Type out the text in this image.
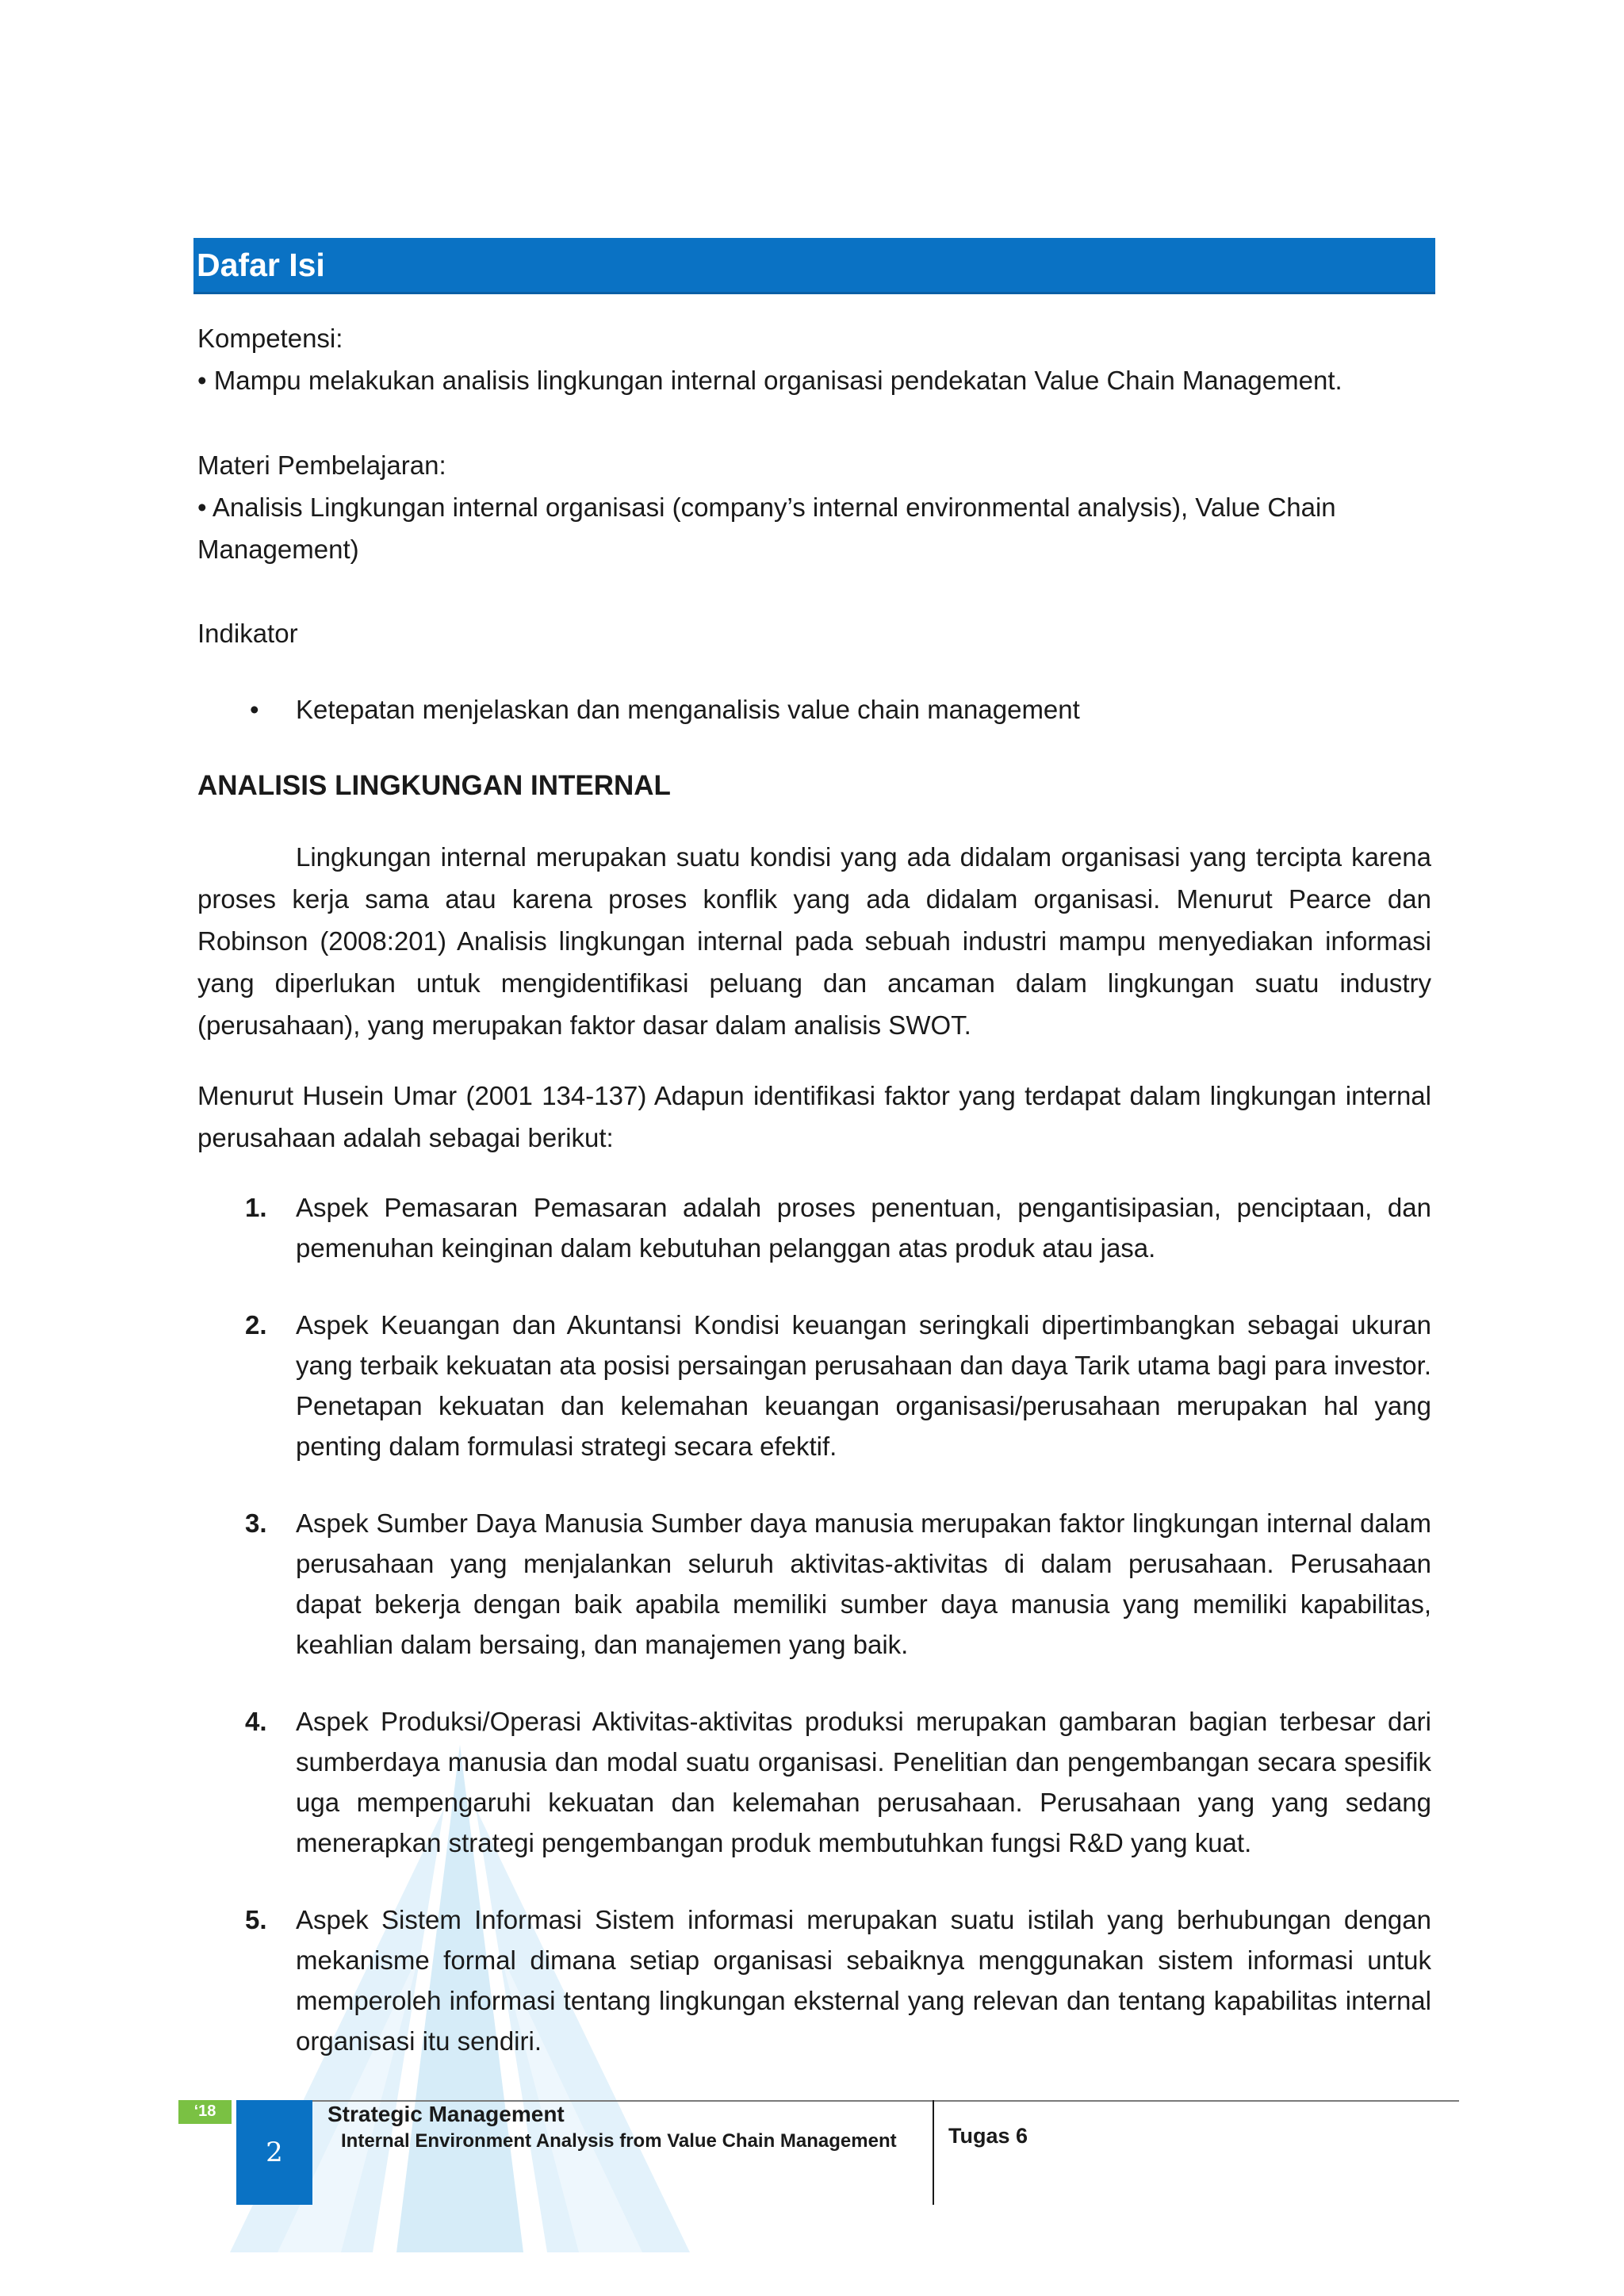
Dafar Isi
Kompetensi:
• Mampu melakukan analisis lingkungan internal organisasi pendekatan Value Chain Management.
Materi Pembelajaran:
• Analisis Lingkungan internal organisasi (company’s internal environmental analysis), Value Chain Management)
Indikator
• Ketepatan menjelaskan dan menganalisis value chain management
ANALISIS LINGKUNGAN INTERNAL
Lingkungan internal merupakan suatu kondisi yang ada didalam organisasi yang tercipta karena proses kerja sama atau karena proses konflik yang ada didalam organisasi. Menurut Pearce dan Robinson (2008:201) Analisis lingkungan internal pada sebuah industri mampu menyediakan informasi yang diperlukan untuk mengidentifikasi peluang dan ancaman dalam lingkungan suatu industry (perusahaan), yang merupakan faktor dasar dalam analisis SWOT.
Menurut Husein Umar (2001 134-137) Adapun identifikasi faktor yang terdapat dalam lingkungan internal perusahaan adalah sebagai berikut:
1. Aspek Pemasaran Pemasaran adalah proses penentuan, pengantisipasian, penciptaan, dan pemenuhan keinginan dalam kebutuhan pelanggan atas produk atau jasa.
2. Aspek Keuangan dan Akuntansi Kondisi keuangan seringkali dipertimbangkan sebagai ukuran yang terbaik kekuatan ata posisi persaingan perusahaan dan daya Tarik utama bagi para investor. Penetapan kekuatan dan kelemahan keuangan organisasi/perusahaan merupakan hal yang penting dalam formulasi strategi secara efektif.
3. Aspek Sumber Daya Manusia Sumber daya manusia merupakan faktor lingkungan internal dalam perusahaan yang menjalankan seluruh aktivitas-aktivitas di dalam perusahaan. Perusahaan dapat bekerja dengan baik apabila memiliki sumber daya manusia yang memiliki kapabilitas, keahlian dalam bersaing, dan manajemen yang baik.
4. Aspek Produksi/Operasi Aktivitas-aktivitas produksi merupakan gambaran bagian terbesar dari sumberdaya manusia dan modal suatu organisasi. Penelitian dan pengembangan secara spesifik uga mempengaruhi kekuatan dan kelemahan perusahaan. Perusahaan yang yang sedang menerapkan strategi pengembangan produk membutuhkan fungsi R&D yang kuat.
5. Aspek Sistem Informasi Sistem informasi merupakan suatu istilah yang berhubungan dengan mekanisme formal dimana setiap organisasi sebaiknya menggunakan sistem informasi untuk memperoleh informasi tentang lingkungan eksternal yang relevan dan tentang kapabilitas internal organisasi itu sendiri.
‘18
2
Strategic Management
Internal Environment Analysis from Value Chain Management Tugas 6
